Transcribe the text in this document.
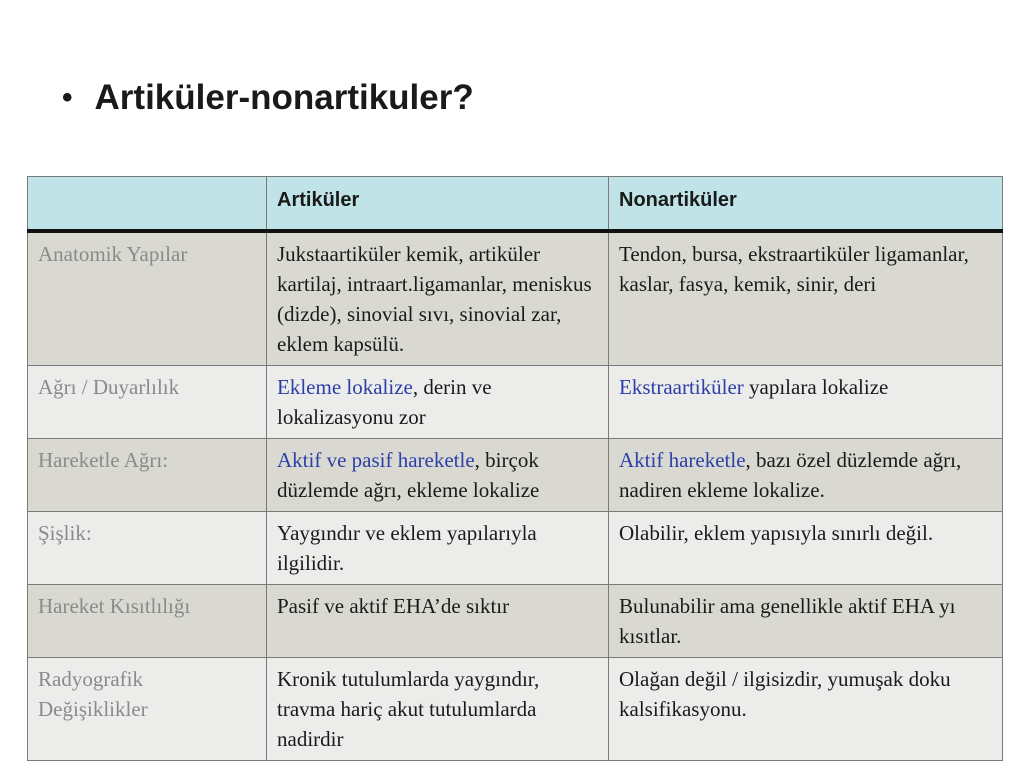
• Artiküler-nonartikuler?
	Artiküler	Nonartiküler
Anatomik Yapılar	Jukstaartiküler kemik, artiküler kartilaj, intraart.ligamanlar, meniskus (dizde), sinovial sıvı, sinovial zar, eklem kapsülü.	Tendon, bursa, ekstraartiküler ligamanlar, kaslar, fasya, kemik, sinir, deri
Ağrı / Duyarlılık	Ekleme lokalize, derin ve lokalizasyonu zor	Ekstraartiküler yapılara lokalize
Hareketle Ağrı:	Aktif ve pasif hareketle, birçok düzlemde ağrı, ekleme lokalize	Aktif hareketle, bazı özel düzlemde ağrı, nadiren ekleme lokalize.
Şişlik:	Yaygındır ve eklem yapılarıyla ilgilidir.	Olabilir, eklem yapısıyla sınırlı değil.
Hareket Kısıtlılığı	Pasif ve aktif EHA’de sıktır	Bulunabilir ama genellikle aktif EHA yı kısıtlar.
Radyografik Değişiklikler	Kronik tutulumlarda yaygındır, travma hariç akut tutulumlarda nadirdir	Olağan değil / ilgisizdir, yumuşak doku kalsifikasyonu.
